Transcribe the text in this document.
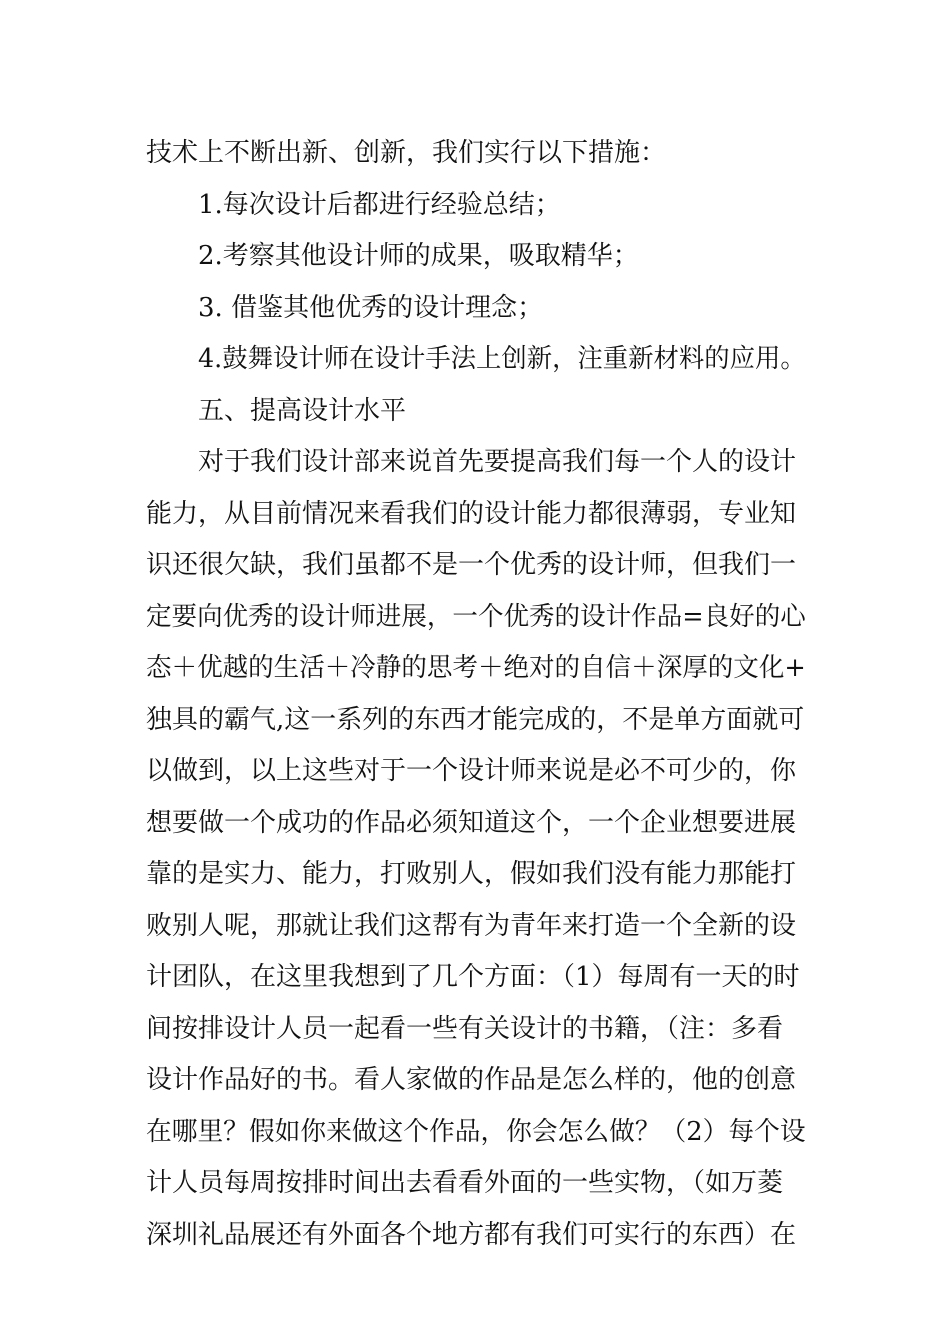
技术上不断出新、创新，我们实行以下措施：
1.每次设计后都进行经验总结；
2.考察其他设计师的成果，吸取精华；
3. 借鉴其他优秀的设计理念；
4.鼓舞设计师在设计手法上创新，注重新材料的应用。
五、提高设计水平
对于我们设计部来说首先要提高我们每一个人的设计
能力，从目前情况来看我们的设计能力都很薄弱，专业知
识还很欠缺，我们虽都不是一个优秀的设计师，但我们一
定要向优秀的设计师进展，一个优秀的设计作品=良好的心
态＋优越的生活＋冷静的思考＋绝对的自信＋深厚的文化+
独具的霸气,这一系列的东西才能完成的，不是单方面就可
以做到，以上这些对于一个设计师来说是必不可少的，你
想要做一个成功的作品必须知道这个，一个企业想要进展
靠的是实力、能力，打败别人，假如我们没有能力那能打
败别人呢，那就让我们这帮有为青年来打造一个全新的设
计团队，在这里我想到了几个方面：（1）每周有一天的时
间按排设计人员一起看一些有关设计的书籍，（注：多看
设计作品好的书。看人家做的作品是怎么样的，他的创意
在哪里？假如你来做这个作品，你会怎么做？（2）每个设
计人员每周按排时间出去看看外面的一些实物，（如万菱
深圳礼品展还有外面各个地方都有我们可实行的东西）在
